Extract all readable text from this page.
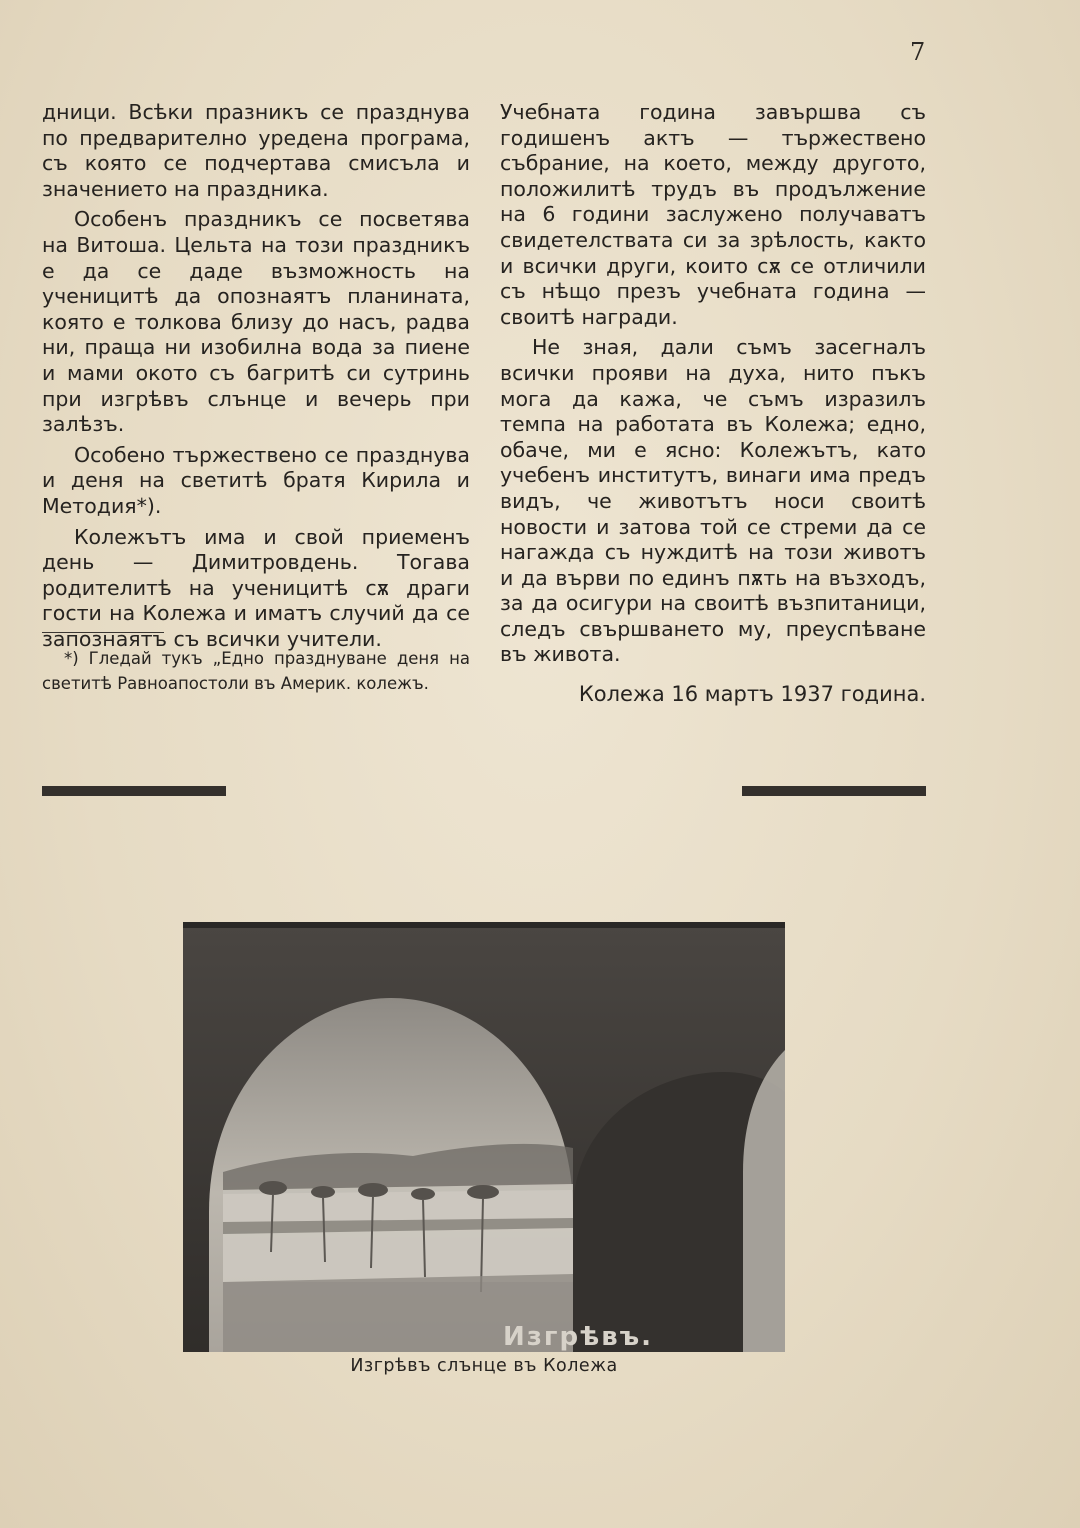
7

дници. Всѣки празникъ се празднува по предварително уредена програма, съ която се подчертава смисъла и значението на праздника.

Особенъ праздникъ се посветява на Витоша. Цельта на този праздникъ е да се даде възможность на ученицитѣ да опознаятъ планината, която е толкова близу до насъ, радва ни, праща ни изобилна вода за пиене и мами окото съ багритѣ си сутринь при изгрѣвъ слънце и вечерь при залѣзъ.

Особено тържествено се празднува и деня на светитѣ братя Кирила и Методия*).

Колежътъ има и свой приеменъ день — Димитровдень. Тогава родителитѣ на ученицитѣ сѫ драги гости на Колежа и иматъ случий да се запознаятъ съ всички учители.

*) Гледай тукъ „Едно празднуване деня на светитѣ Равноапостоли въ Америк. колежъ.

Учебната година завършва съ годишенъ актъ — тържествено събрание, на което, между другото, положилитѣ трудъ въ продължение на 6 години заслужено получаватъ свидетелствата си за зрѣлость, както и всички други, които сѫ се отличили съ нѣщо презъ учебната година — своитѣ награди.

Не зная, дали съмъ засегналъ всички прояви на духа, нито пъкъ мога да кажа, че съмъ изразилъ темпа на работата въ Колежа; едно, обаче, ми е ясно: Колежътъ, като учебенъ институтъ, винаги има предъ видъ, че животътъ носи своитѣ новости и затова той се стреми да се нагажда съ нуждитѣ на този животъ и да върви по единъ пѫть на възходъ, за да осигури на своитѣ възпитаници, следъ свършването му, преуспѣване въ живота.

Колежа 16 мартъ 1937 година.

Изгрѣвъ.
Изгрѣвъ слънце въ Колежа
